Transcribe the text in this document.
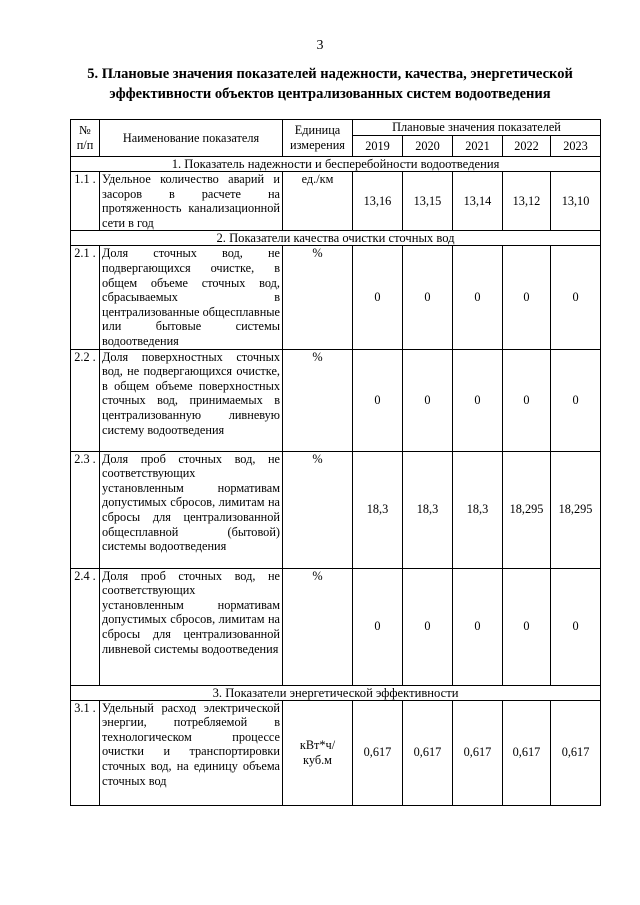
3
5. Плановые значения показателей надежности, качества, энергетической
эффективности объектов централизованных систем водоотведения
№ п/п	Наименование показателя	Единица измерения	Плановые значения показателей				
			2019	2020	2021	2022	2023
1. Показатель надежности и бесперебойности водоотведения							
1.1 .	Удельное количество аварий и засоров в расчете на протяженность канализационной сети в год	ед./км	13,16	13,15	13,14	13,12	13,10
2. Показатели качества очистки сточных вод							
2.1 .	Доля сточных вод, не подвергающихся очистке, в общем объеме сточных вод, сбрасываемых в централизованные общесплавные или бытовые системы водоотведения	%	0	0	0	0	0
2.2 .	Доля поверхностных сточных вод, не подвергающихся очистке, в общем объеме поверхностных сточных вод, принимаемых в централизованную ливневую систему водоотведения	%	0	0	0	0	0
2.3 .	Доля проб сточных вод, не соответствующих установленным нормативам допустимых сбросов, лимитам на сбросы для централизованной общесплавной (бытовой) системы водоотведения	%	18,3	18,3	18,3	18,295	18,295
2.4 .	Доля проб сточных вод, не соответствующих установленным нормативам допустимых сбросов, лимитам на сбросы для централизованной ливневой системы водоотведения	%	0	0	0	0	0
3. Показатели энергетической эффективности							
3.1 .	Удельный расход электрической энергии, потребляемой в технологическом процессе очистки и транспортировки сточных вод, на единицу объема сточных вод	кВт*ч/ куб.м	0,617	0,617	0,617	0,617	0,617
